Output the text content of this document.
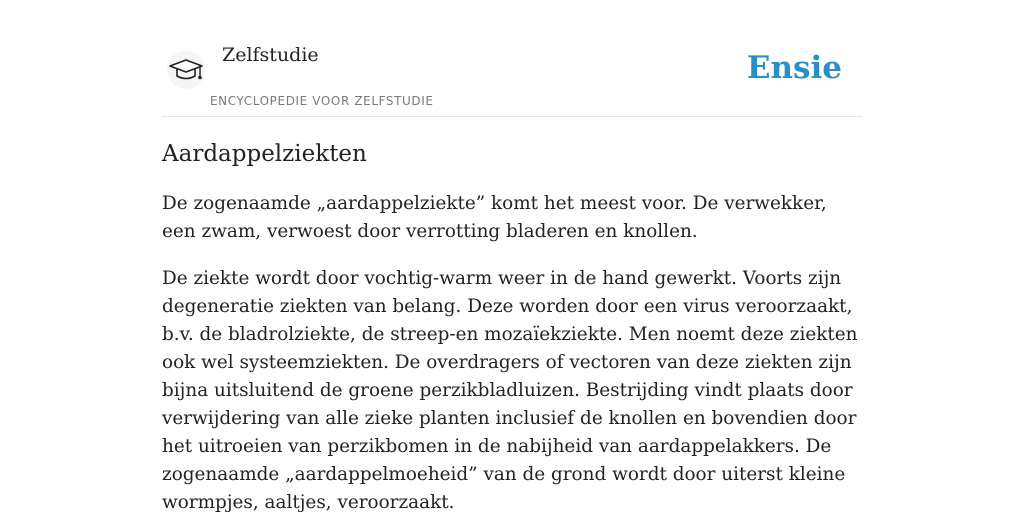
Zelfstudie
ENCYCLOPEDIE VOOR ZELFSTUDIE
Ensie
Aardappelziekten

De zogenaamde „aardappelziekte” komt het meest voor. De verwekker, een zwam, verwoest door verrotting bladeren en knollen.

De ziekte wordt door vochtig-warm weer in de hand gewerkt. Voorts zijn degeneratie ziekten van belang. Deze worden door een virus veroorzaakt, b.v. de bladrolziekte, de streep-en mozaïekziekte. Men noemt deze ziekten ook wel systeemziekten. De overdragers of vectoren van deze ziekten zijn bijna uitsluitend de groene perzikbladluizen. Bestrijding vindt plaats door verwijdering van alle zieke planten inclusief de knollen en bovendien door het uitroeien van perzikbomen in de nabijheid van aardappelakkers. De zogenaamde „aardappelmoeheid” van de grond wordt door uiterst kleine wormpjes, aaltjes, veroorzaakt.
